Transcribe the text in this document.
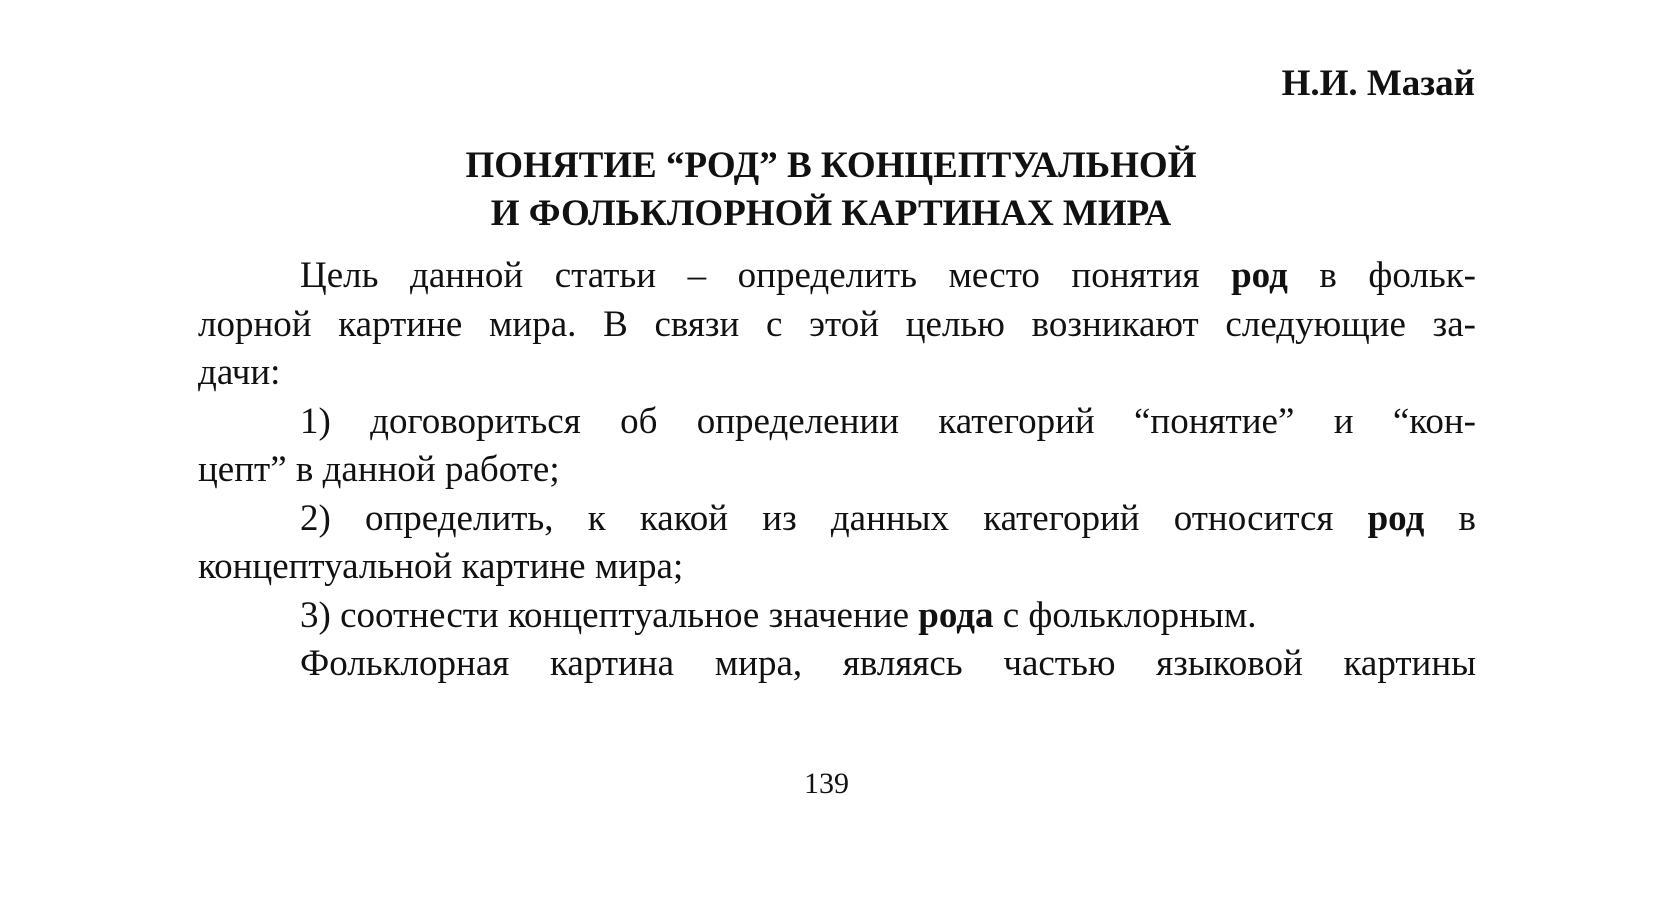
Н.И. Мазай
ПОНЯТИЕ “РОД” В КОНЦЕПТУАЛЬНОЙ
И ФОЛЬКЛОРНОЙ КАРТИНАХ МИРА
Цель данной статьи – определить место понятия род в фольк-
лорной картине мира. В связи с этой целью возникают следующие за-
дачи:
1) договориться об определении категорий “понятие” и “кон-
цепт” в данной работе;
2) определить, к какой из данных категорий относится род в
концептуальной картине мира;
3) соотнести концептуальное значение рода с фольклорным.
Фольклорная картина мира, являясь частью языковой картины
139
